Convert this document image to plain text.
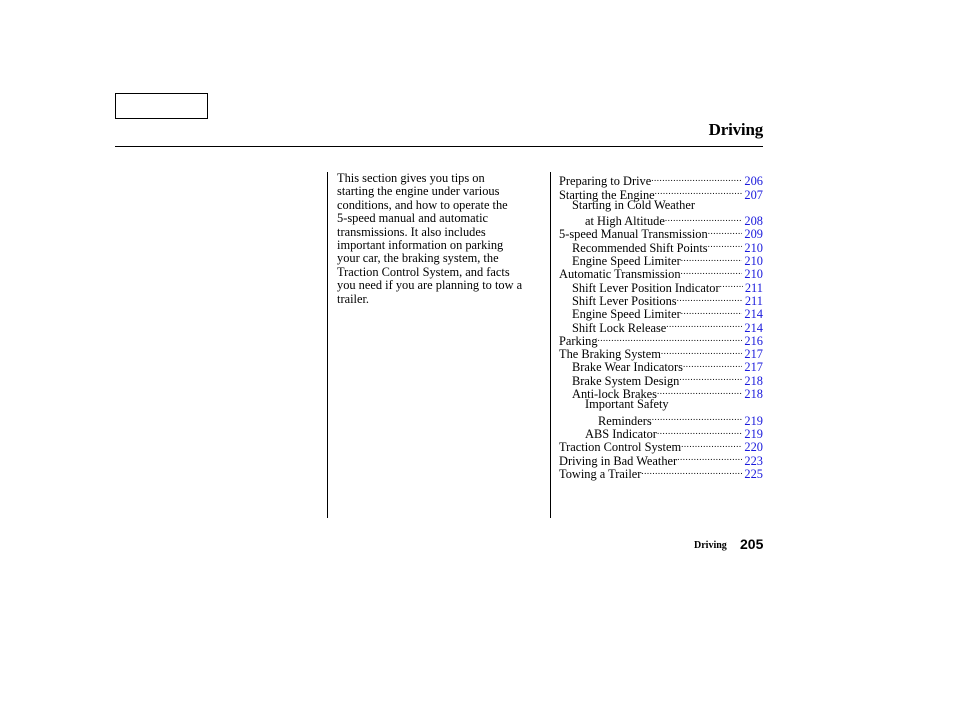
Driving
This section gives you tips on
starting the engine under various
conditions, and how to operate the
5-speed manual and automatic
transmissions. It also includes
important information on parking
your car, the braking system, the
Traction Control System, and facts
you need if you are planning to tow a
trailer.
Preparing to Drive .....	206
Starting the Engine .....	207
Starting in Cold Weather
at High Altitude .....	208
5-speed Manual Transmission .....	209
Recommended Shift Points .....	210
Engine Speed Limiter .....	210
Automatic Transmission .....	210
Shift Lever Position Indicator ..... 211
Shift Lever Positions .....	211
Engine Speed Limiter .....	214
Shift Lock Release .....	214
Parking .....	216
The Braking System .....	217
Brake Wear Indicators .....	217
Brake System Design .....	218
Anti-lock Brakes .....	218
Important Safety
Reminders .....	219
ABS Indicator .....	219
Traction Control System .....	220
Driving in Bad Weather .....	223
Towing a Trailer .....	225
Driving 205
